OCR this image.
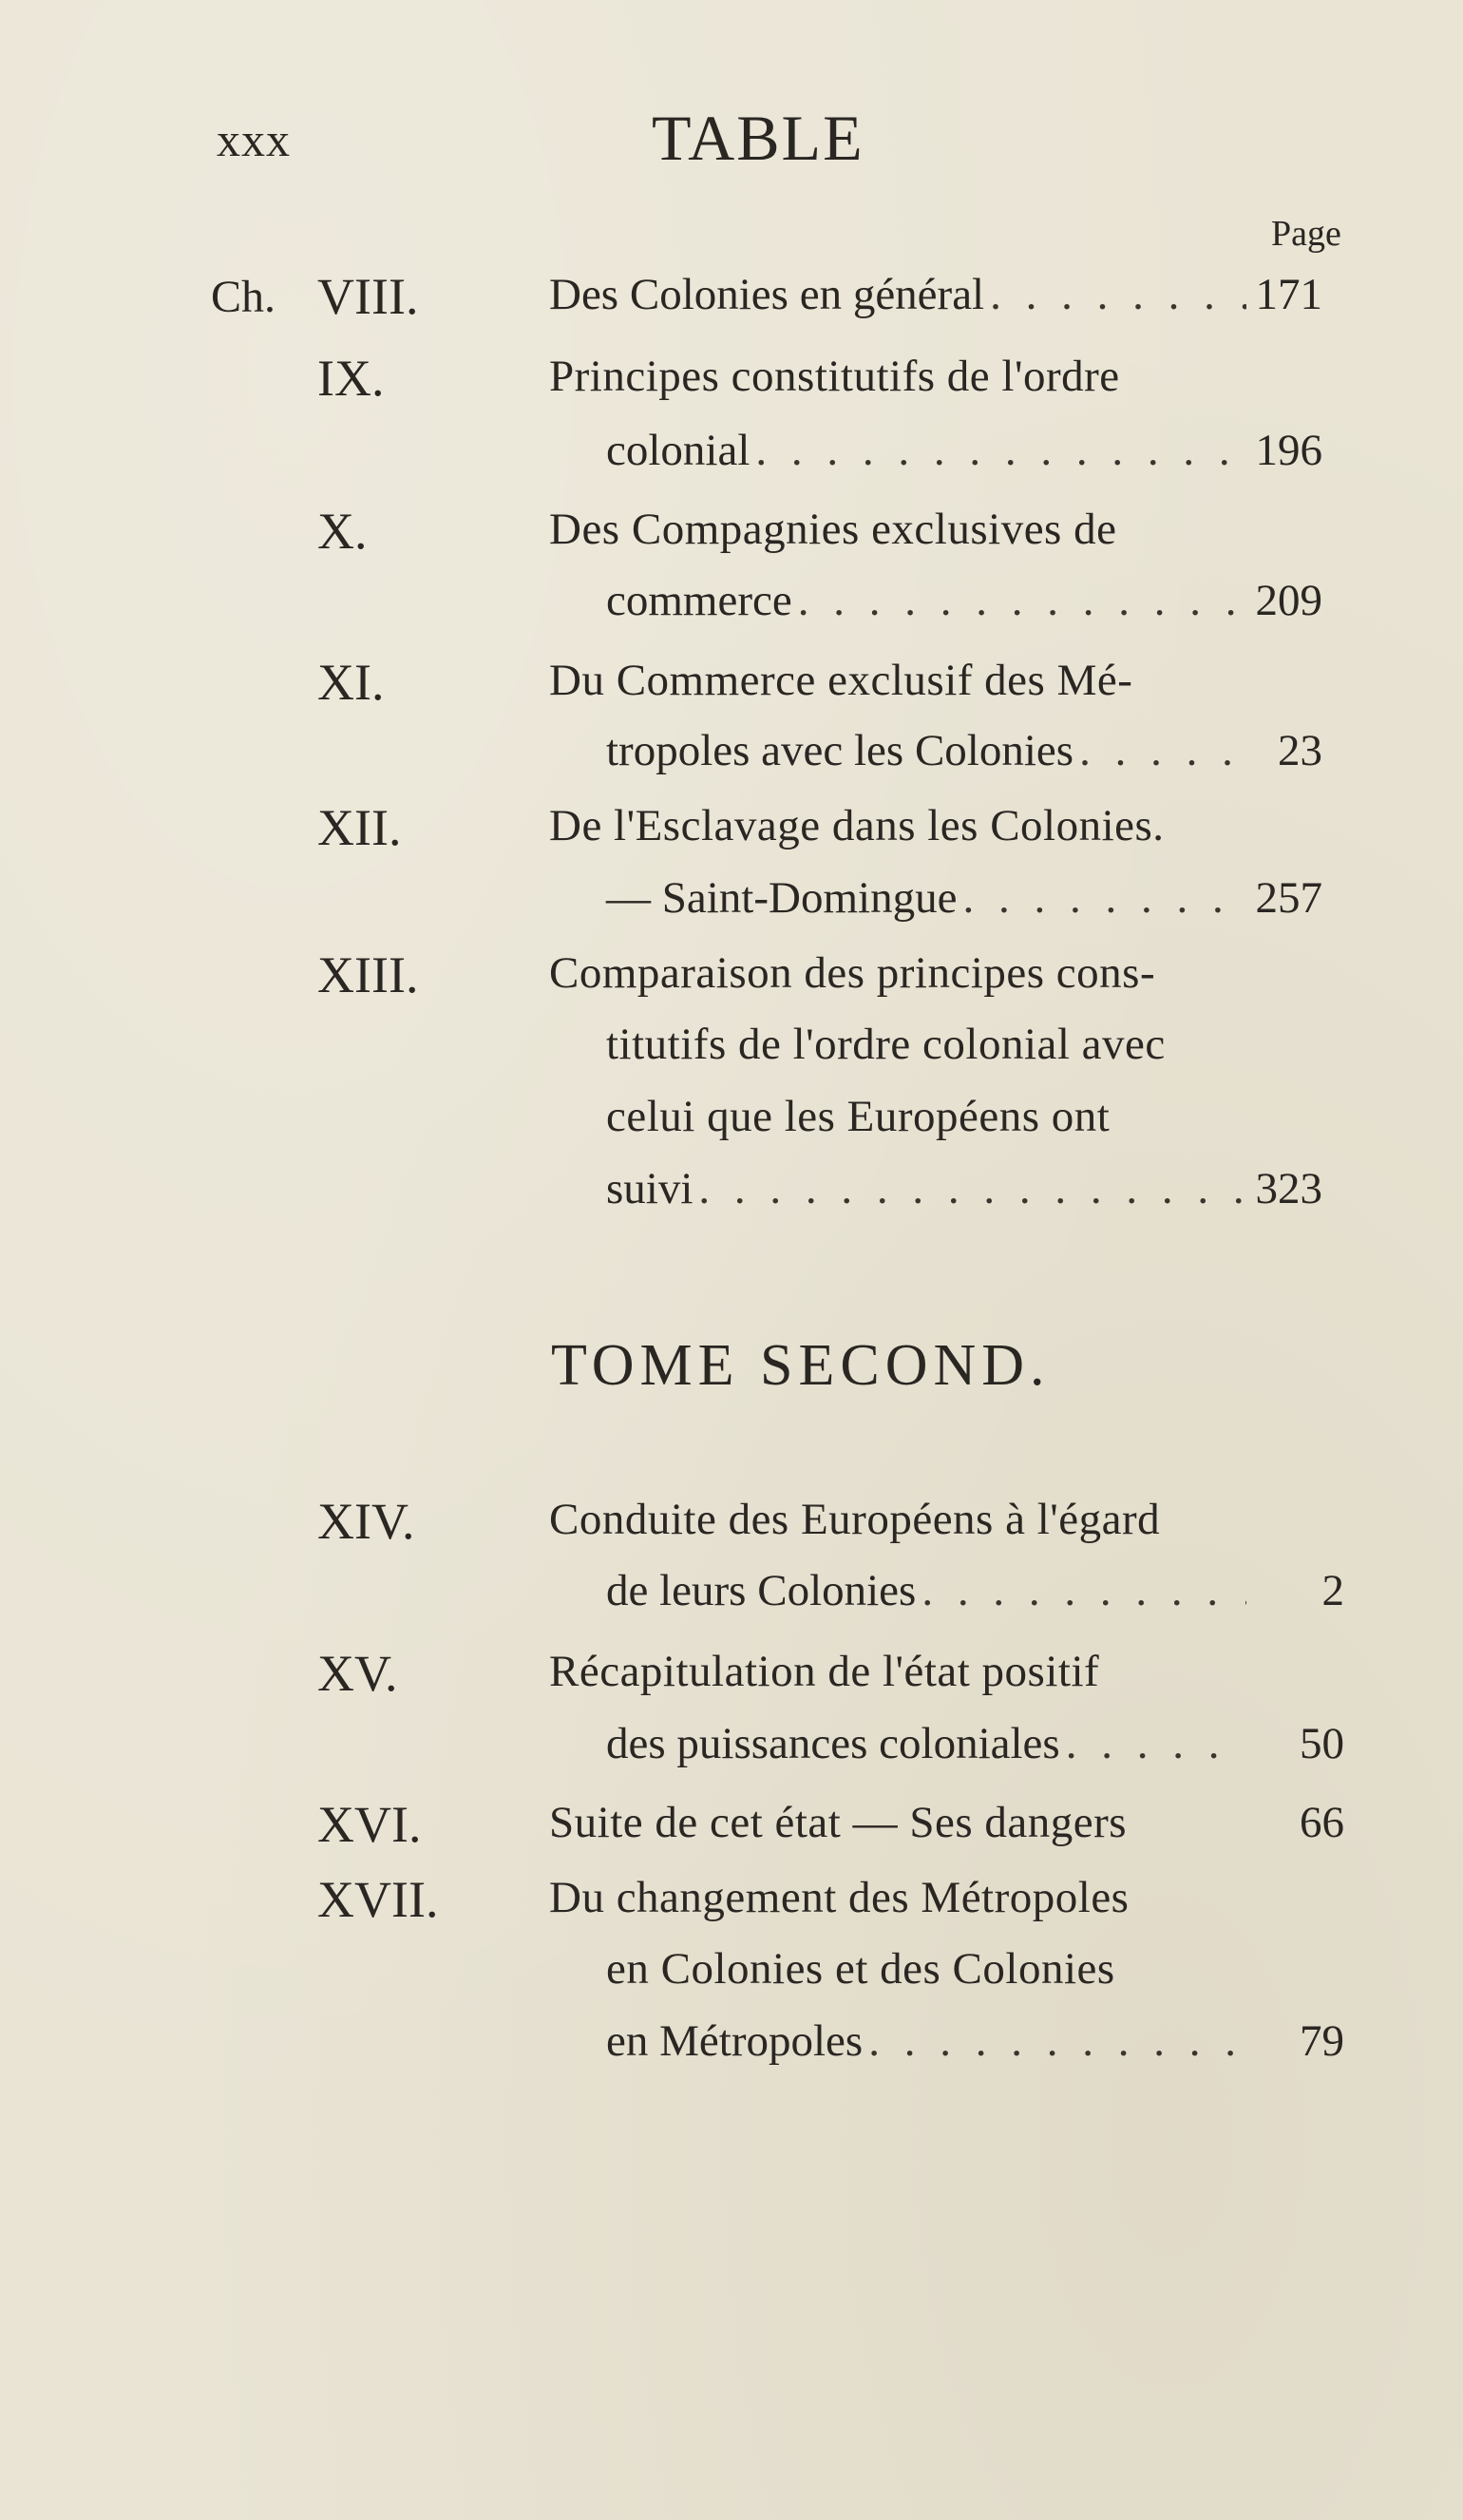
xxx	TABLE
Page
Ch. VIII.	Des Colonies en général . . .	171
IX.	Principes constitutifs de l'ordre
colonial . . .	196
X.	Des Compagnies exclusives de
commerce . . .	209
XI.	Du Commerce exclusif des Mé-
tropoles avec les Colonies . . .	23
XII.	De l'Esclavage dans les Colonies.
— Saint-Domingue . . .	257
XIII.	Comparaison des principes cons-
titutifs de l'ordre colonial avec
celui que les Européens ont
suivi . . .	323
TOME SECOND.
XIV.	Conduite des Européens à l'égard
de leurs Colonies . . .	2
XV.	Récapitulation de l'état positif
des puissances coloniales . . .	50
XVI.	Suite de cet état — Ses dangers	66
XVII. Du changement des Métropoles
en Colonies et des Colonies
en Métropoles . . .	79
